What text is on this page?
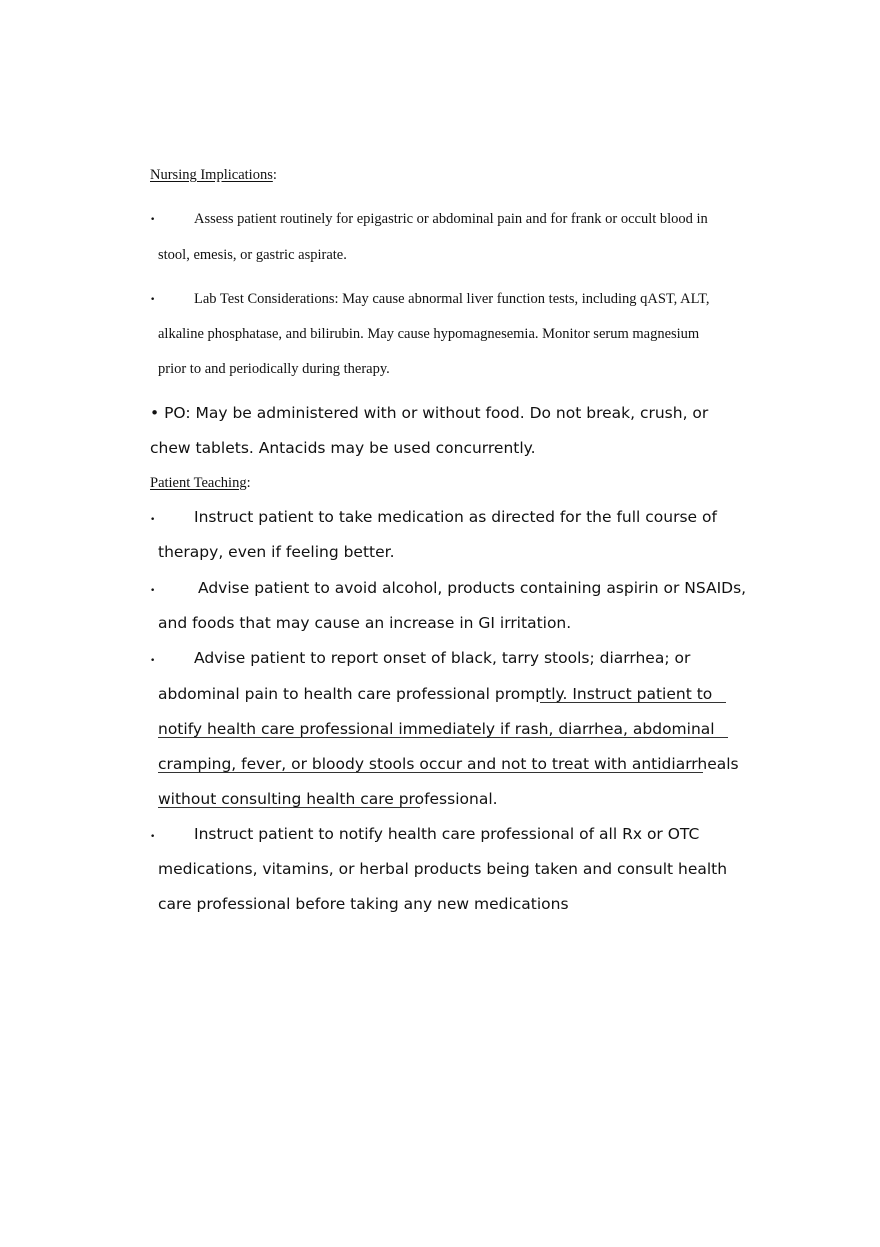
Nursing Implications:
•	Assess patient routinely for epigastric or abdominal pain and for frank or occult blood in
stool, emesis, or gastric aspirate.
•	Lab Test Considerations: May cause abnormal liver function tests, including qAST, ALT,
alkaline phosphatase, and bilirubin. May cause hypomagnesemia. Monitor serum magnesium
prior to and periodically during therapy.
• PO: May be administered with or without food. Do not break, crush, or
chew tablets. Antacids may be used concurrently.
Patient Teaching:
• Instruct patient to take medication as directed for the full course of
therapy, even if feeling better.
•	Advise patient to avoid alcohol, products containing aspirin or NSAIDs,
and foods that may cause an increase in GI irritation.
• Advise patient to report onset of black, tarry stools; diarrhea; or
abdominal pain to health care professional promptly. Instruct patient to
notify health care professional immediately if rash, diarrhea, abdominal
cramping, fever, or bloody stools occur and not to treat with antidiarrheals
without consulting health care professional.
• Instruct patient to notify health care professional of all Rx or OTC
medications, vitamins, or herbal products being taken and consult health
care professional before taking any new medications
